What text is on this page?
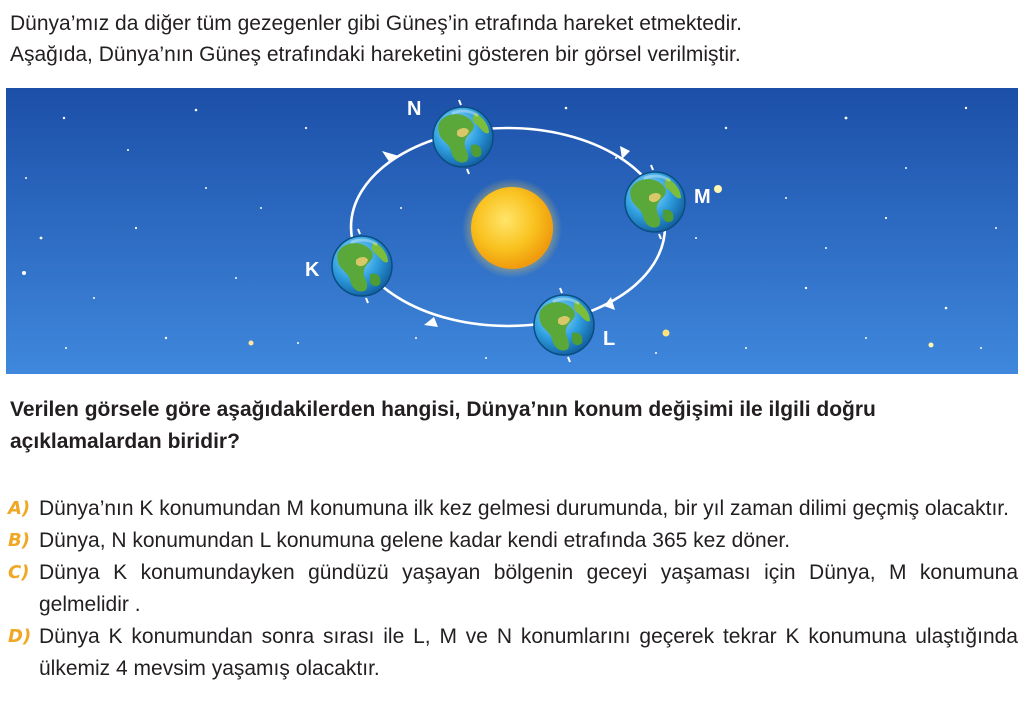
Dünya’mız da diğer tüm gezegenler gibi Güneş’in etrafında hareket etmektedir.

Aşağıda, Dünya’nın Güneş etrafındaki hareketini gösteren bir görsel verilmiştir.

N
M
K
L

Verilen görsele göre aşağıdakilerden hangisi, Dünya’nın konum değişimi ile ilgili doğru açıklamalardan biridir?

A) Dünya’nın K konumundan M konumuna ilk kez gelmesi durumunda, bir yıl zaman dilimi geçmiş olacaktır.
B) Dünya, N konumundan L konumuna gelene kadar kendi etrafında 365 kez döner.
C) Dünya K konumundayken gündüzü yaşayan bölgenin geceyi yaşaması için Dünya, M konumuna gelmelidir .
D) Dünya K konumundan sonra sırası ile L, M ve N konumlarını geçerek tekrar K konumuna ulaştığında ülkemiz 4 mevsim yaşamış olacaktır.
